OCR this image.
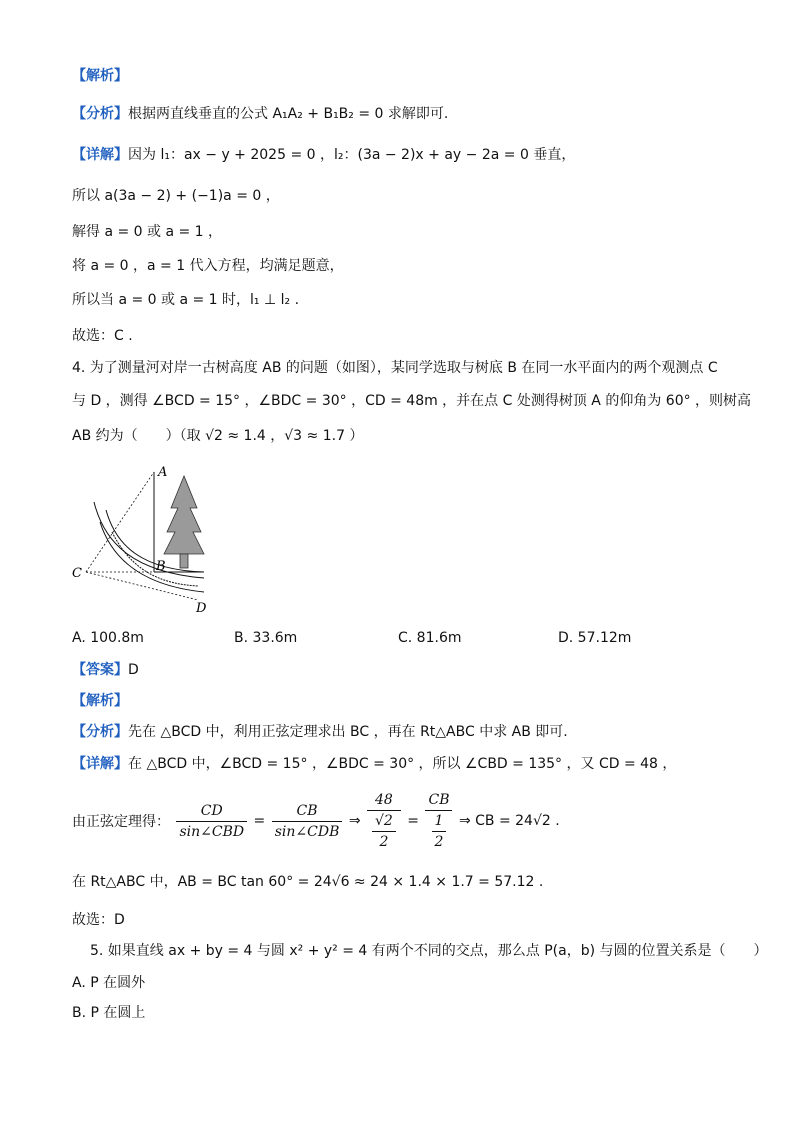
【解析】
【分析】根据两直线垂直的公式 A₁A₂ + B₁B₂ = 0 求解即可.
【详解】因为 l₁：ax − y + 2025 = 0 ，l₂：(3a − 2)x + ay − 2a = 0 垂直，
所以 a(3a − 2) + (−1)a = 0 ，
解得 a = 0 或 a = 1 ，
将 a = 0 ，a = 1 代入方程，均满足题意，
所以当 a = 0 或 a = 1 时，l₁ ⊥ l₂ .
故选：C .
4. 为了测量河对岸一古树高度 AB 的问题（如图），某同学选取与树底 B 在同一水平面内的两个观测点 C
与 D ，测得 ∠BCD = 15° ，∠BDC = 30° ，CD = 48m ，并在点 C 处测得树顶 A 的仰角为 60° ，则树高
AB 约为（　　）（取 √2 ≈ 1.4 ，√3 ≈ 1.7 ）
A
B
C
D
A. 100.8m	B. 33.6m	C. 81.6m	D. 57.12m
【答案】D
【解析】
【分析】先在 △BCD 中，利用正弦定理求出 BC ，再在 Rt△ABC 中求 AB 即可.
【详解】在 △BCD 中，∠BCD = 15° ，∠BDC = 30° ，所以 ∠CBD = 135° ，又 CD = 48 ，
由正弦定理得： $\frac{CD}{\text{sin∠CBD}} = \frac{CB}{\text{sin∠CDB}}$ ⇒ $\frac{48}{\frac{√2}{2}} = \frac{CB}{\frac{1}{2}}$ ⇒ CB = 24√2 .
在 Rt△ABC 中，AB = BC tan 60° = 24√6 ≈ 24 × 1.4 × 1.7 = 57.12 .
故选：D
5. 如果直线 ax + by = 4 与圆 x² + y² = 4 有两个不同的交点，那么点 P(a，b) 与圆的位置关系是（　　）
A. P 在圆外
B. P 在圆上
